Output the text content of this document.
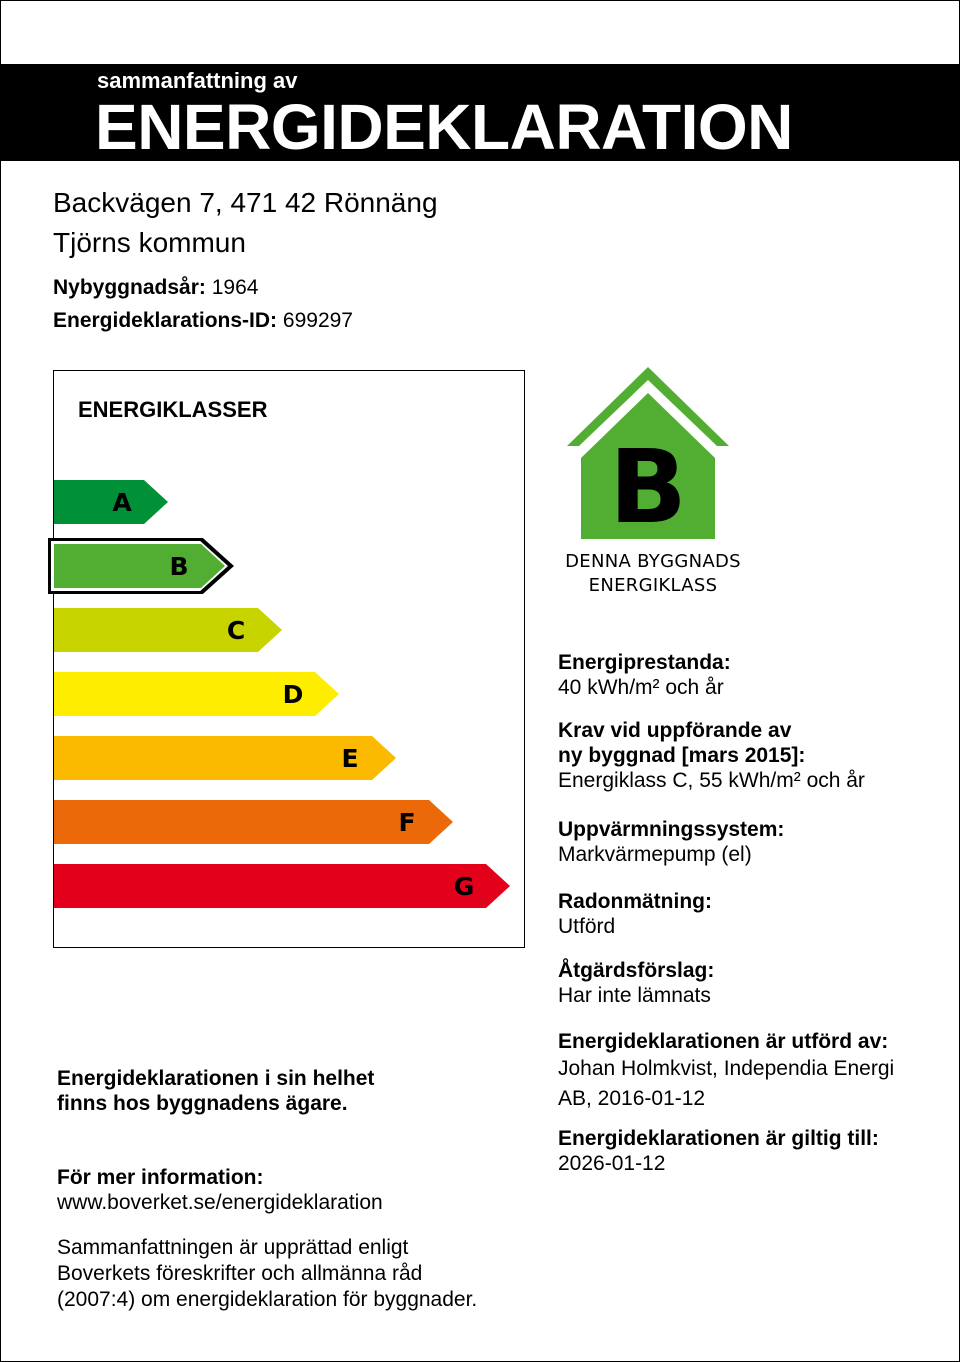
sammanfattning av
ENERGIDEKLARATION
Backvägen 7, 471 42 Rönnäng
Tjörns kommun
Nybyggnadsår: 1964
Energideklarations-ID: 699297
ENERGIKLASSER
A
B
C
D
E
F
G
B
DENNA BYGGNADS
ENERGIKLASS
Energiprestanda:
40 kWh/m² och år
Krav vid uppförande av
ny byggnad [mars 2015]:
Energiklass C, 55 kWh/m² och år
Uppvärmningssystem:
Markvärmepump (el)
Radonmätning:
Utförd
Åtgärdsförslag:
Har inte lämnats
Energideklarationen är utförd av:
Johan Holmkvist, Independia Energi
AB, 2016-01-12
Energideklarationen är giltig till:
2026-01-12
Energideklarationen i sin helhet
finns hos byggnadens ägare.
För mer information:
www.boverket.se/energideklaration
Sammanfattningen är upprättad enligt
Boverkets föreskrifter och allmänna råd
(2007:4) om energideklaration för byggnader.
